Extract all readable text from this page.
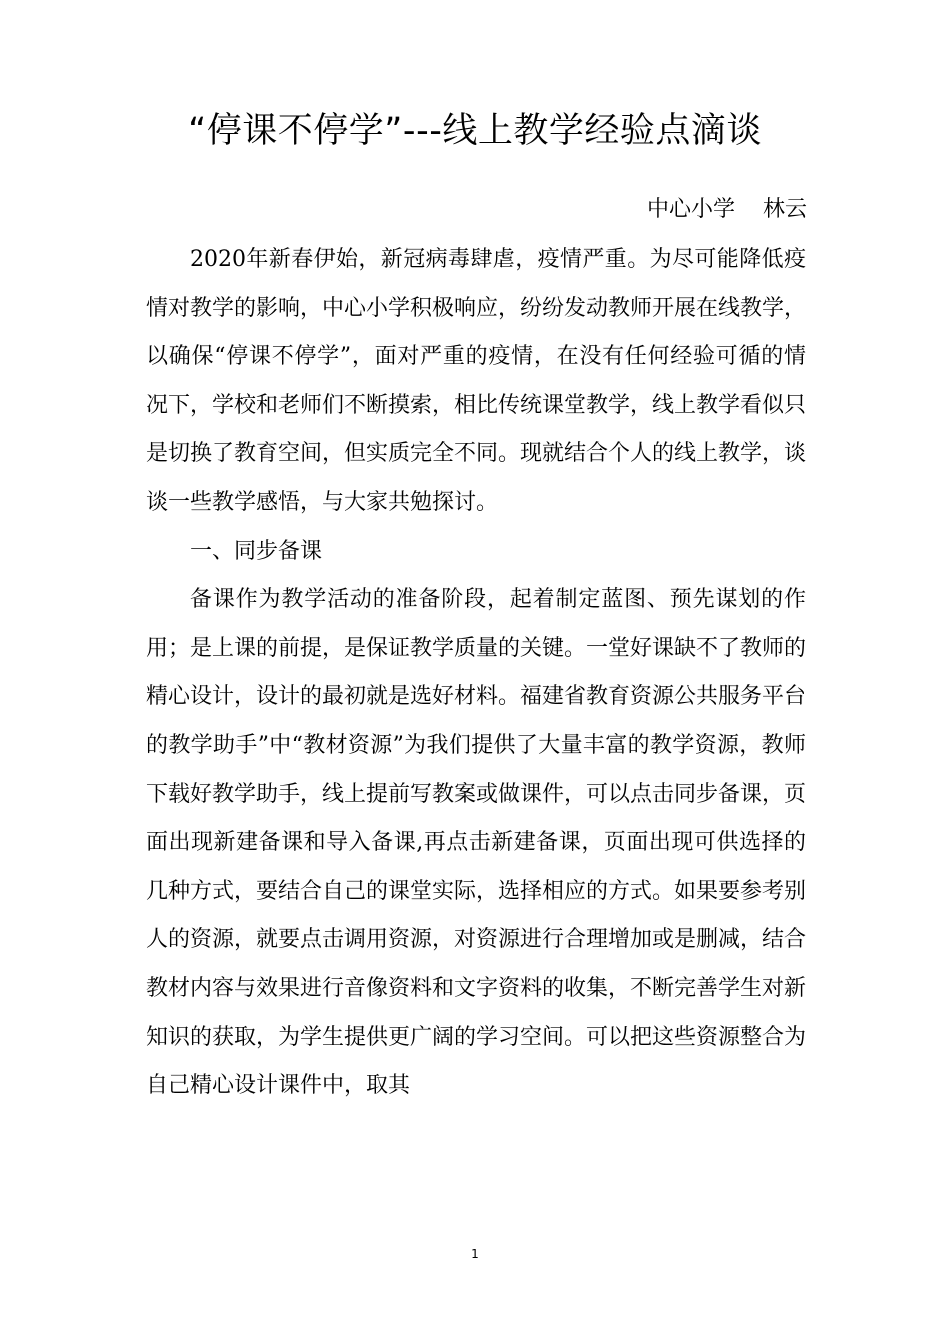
“停课不停学”---线上教学经验点滴谈
中心小学    林云

2020年新春伊始，新冠病毒肆虐，疫情严重。为尽可能降低疫情对教学的影响，中心小学积极响应，纷纷发动教师开展在线教学，以确保“停课不停学”，面对严重的疫情，在没有任何经验可循的情况下，学校和老师们不断摸索，相比传统课堂教学，线上教学看似只是切换了教育空间，但实质完全不同。现就结合个人的线上教学，谈谈一些教学感悟，与大家共勉探讨。

一、同步备课

备课作为教学活动的准备阶段，起着制定蓝图、预先谋划的作用；是上课的前提，是保证教学质量的关键。一堂好课缺不了教师的精心设计，设计的最初就是选好材料。福建省教育资源公共服务平台的教学助手”中“教材资源”为我们提供了大量丰富的教学资源，教师下载好教学助手，线上提前写教案或做课件，可以点击同步备课，页面出现新建备课和导入备课,再点击新建备课，页面出现可供选择的几种方式，要结合自己的课堂实际，选择相应的方式。如果要参考别人的资源，就要点击调用资源，对资源进行合理增加或是删减，结合教材内容与效果进行音像资料和文字资料的收集，不断完善学生对新知识的获取，为学生提供更广阔的学习空间。可以把这些资源整合为自己精心设计课件中，取其

1
